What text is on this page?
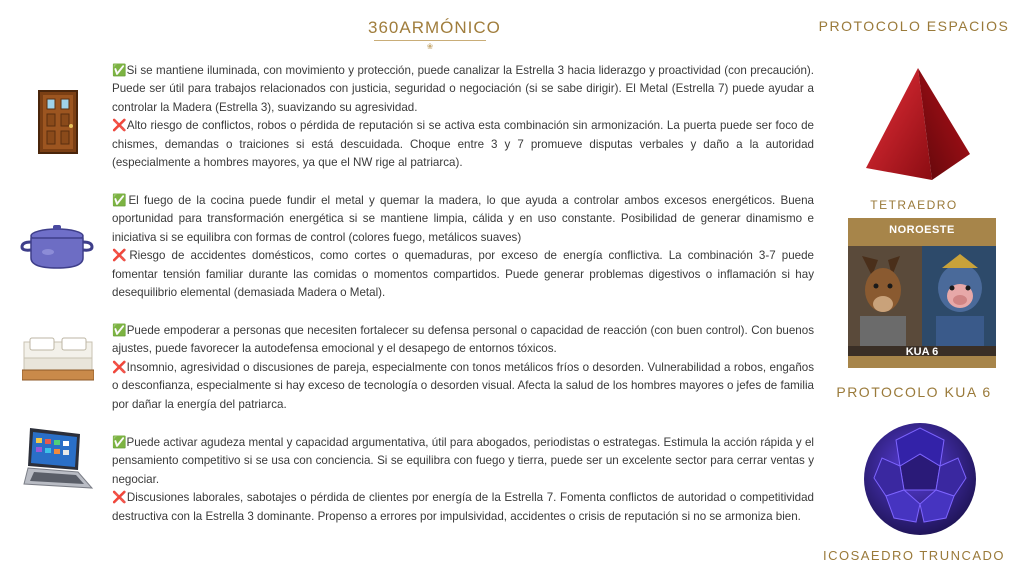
360ARMÓNICO
❀
PROTOCOLO ESPACIOS

✅Si se mantiene iluminada, con movimiento y protección, puede canalizar la Estrella 3 hacia liderazgo y proactividad (con precaución). Puede ser útil para trabajos relacionados con justicia, seguridad o negociación (si se sabe dirigir). El Metal (Estrella 7) puede ayudar a controlar la Madera (Estrella 3), suavizando su agresividad.

❌Alto riesgo de conflictos, robos o pérdida de reputación si se activa esta combinación sin armonización. La puerta puede ser foco de chismes, demandas o traiciones si está descuidada. Choque entre 3 y 7 promueve disputas verbales y daño a la autoridad (especialmente a hombres mayores, ya que el NW rige al patriarca).

✅El fuego de la cocina puede fundir el metal y quemar la madera, lo que ayuda a controlar ambos excesos energéticos. Buena oportunidad para transformación energética si se mantiene limpia, cálida y en uso constante. Posibilidad de generar dinamismo e iniciativa si se equilibra con formas de control (colores fuego, metálicos suaves)

❌Riesgo de accidentes domésticos, como cortes o quemaduras, por exceso de energía conflictiva. La combinación 3-7 puede fomentar tensión familiar durante las comidas o momentos compartidos. Puede generar problemas digestivos o inflamación si hay desequilibrio elemental (demasiada Madera o Metal).

✅Puede empoderar a personas que necesiten fortalecer su defensa personal o capacidad de reacción (con buen control). Con buenos ajustes, puede favorecer la autodefensa emocional y el desapego de entornos tóxicos.

❌Insomnio, agresividad o discusiones de pareja, especialmente con tonos metálicos fríos o desorden. Vulnerabilidad a robos, engaños o desconfianza, especialmente si hay exceso de tecnología o desorden visual. Afecta la salud de los hombres mayores o jefes de familia por dañar la energía del patriarca.

✅Puede activar agudeza mental y capacidad argumentativa, útil para abogados, periodistas o estrategas. Estimula la acción rápida y el pensamiento competitivo si se usa con conciencia. Si se equilibra con fuego y tierra, puede ser un excelente sector para cerrar ventas y negociar.

❌Discusiones laborales, sabotajes o pérdida de clientes por energía de la Estrella 7. Fomenta conflictos de autoridad o competitividad destructiva con la Estrella 3 dominante. Propenso a errores por impulsividad, accidentes o crisis de reputación si no se armoniza bien.

TETRAEDRO
NOROESTE
KUA 6
PROTOCOLO KUA 6
ICOSAEDRO TRUNCADO
